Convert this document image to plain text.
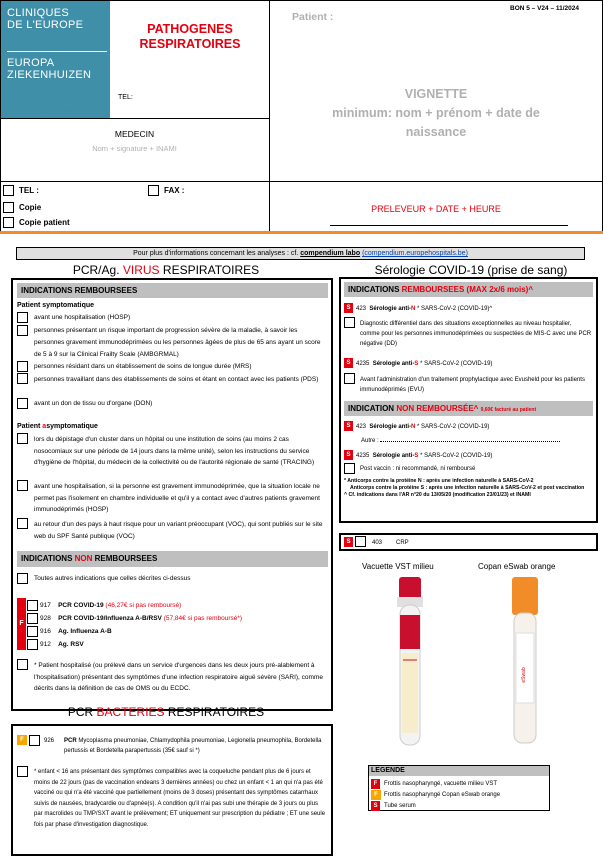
CLINIQUES
DE L'EUROPE
EUROPA
ZIEKENHUIZEN
advanced care · personal touch
PATHOGENES
RESPIRATOIRES
TEL:
MEDECIN
Nom + signature + INAMI
TEL :	FAX :
Copie
Copie patient
Patient :
BON 5 – V24 – 11/2024
VIGNETTE
minimum: nom + prénom + date de
naissance
PRELEVEUR + DATE + HEURE
Pour plus d'informations concernant les analyses : cf. compendium labo (compendium.europehospitals.be)
PCR/Ag. VIRUS RESPIRATOIRES
INDICATIONS REMBOURSEES
Patient symptomatique
avant une hospitalisation (HOSP)
personnes présentant un risque important de progression sévère de la maladie, à savoir les personnes gravement immunodéprimées ou les personnes âgées de plus de 65 ans ayant un score de 5 à 9 sur la Clinical Frailty Scale (AMBGRMAL)
personnes résidant dans un établissement de soins de longue durée (MRS)
personnes travaillant dans des établissements de soins et étant en contact avec les patients (PDS)
avant un don de tissu ou d'organe (DON)
Patient asymptomatique
lors du dépistage d'un cluster dans un hôpital ou une institution de soins (au moins 2 cas nosocomiaux sur une période de 14 jours dans la même unité), selon les instructions du service d'hygiène de l'hôpital, du médecin de la collectivité ou de l'autorité régionale de santé (TRACING)
avant une hospitalisation, si la personne est gravement immunodéprimée, que la situation locale ne permet pas l'isolement en chambre individuelle et qu'il y a contact avec d'autres patients gravement immunodéprimés (HOSP)
au retour d'un des pays à haut risque pour un variant préoccupant (VOC), qui sont publiés sur le site web du SPF Santé publique (VOC)
INDICATIONS NON REMBOURSEES
Toutes autres indications que celles décrites ci-dessus
F
917 PCR COVID-19 (46,27€ si pas remboursé)
928 PCR COVID-19/Influenza A-B/RSV (57,84€ si pas remboursé*)
916 Ag. Influenza A-B
912 Ag. RSV
* Patient hospitalisé (ou prélevé dans un service d'urgences dans les deux jours pré-alablement à l'hospitalisation) présentant des symptômes d'une infection respiratoire aiguë sévère (SARI), comme décrits dans la définition de cas de OMS ou du ECDC.
Sérologie COVID-19 (prise de sang)
INDICATIONS REMBOURSEES (MAX 2x/6 mois)^
S 423 Sérologie anti-N * SARS-CoV-2 (COVID-19)^
Diagnostic différentiel dans des situations exceptionnelles au niveau hospitalier, comme pour les personnes immunodéprimées ou suspectées de MIS-C avec une PCR négative (DD)
S 4235 Sérologie anti-S * SARS-CoV-2 (COVID-19)
Avant l'administration d'un traitement prophylactique avec Evusheld pour les patients immunodéprimés (EVU)
INDICATION NON REMBOURSÉE^ 9,60€ facturé au patient
S 423 Sérologie anti-N * SARS-CoV-2 (COVID-19)
Autre :
S 4235 Sérologie anti-S * SARS-CoV-2 (COVID-19)
Post vaccin : ni recommandé, ni remboursé
* Anticorps contre la protéine N : après une infection naturelle à SARS-CoV-2
Anticorps contre la protéine S : après une infection naturelle à SARS-CoV-2 et post vaccination
^ Cf. indications dans l'AR n°20 du 13/05/20 (modification 23/01/23) et INAMI
S	403 CRP
Vacuette VST milieu	Copan eSwab orange
eSwab
LEGENDE
F	Frottis nasopharyngé, vacuette milieu VST
F	Frottis nasopharyngé Copan eSwab orange
S	Tube serum
PCR BACTERIES RESPIRATOIRES
F	926 PCR Mycoplasma pneumoniae, Chlamydophila pneumoniae, Legionella pneumophila, Bordetella pertussis et Bordetella parapertussis (35€ sauf si *)
* enfant < 16 ans présentant des symptômes compatibles avec la coqueluche pendant plus de 6 jours et moins de 22 jours (pas de vaccination endeans 3 dernières années) ou chez un enfant < 1 an qui n'a pas été vacciné ou qui n'a été vacciné que partiellement (moins de 3 doses) présentant des symptômes catarrhaux suivis de nausées, bradycardie ou d'apnée(s). A condition qu'il n'ai pas subi une thérapie de 3 jours ou plus par macrolides ou TMP/SXT avant le prélèvement; ET uniquement sur prescription du pédiatre ; ET une seule fois par phase d'investigation diagnostique.
